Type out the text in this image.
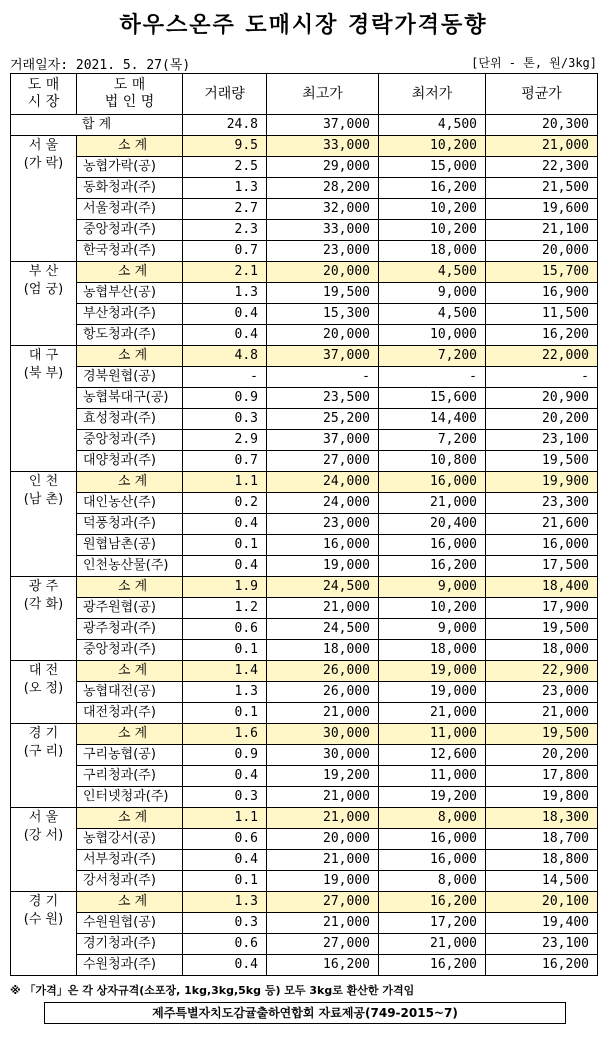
하우스온주 도매시장 경락가격동향
거래일자: 2021. 5. 27(목)	[단위 - 톤, 원/3kg]
도 매
시 장	도 매
법 인 명	거래량	최고가	최저가	평균가
합 계		24.8	37,000	4,500	20,300

서 울
(가 락)	소 계	9.5	33,000	10,200	21,000
	농협가락(공)	2.5	29,000	15,000	22,300
	동화청과(주)	1.3	28,200	16,200	21,500
	서울청과(주)	2.7	32,000	10,200	19,600
	중앙청과(주)	2.3	33,000	10,200	21,100
	한국청과(주)	0.7	23,000	18,000	20,000

부 산
(엄 궁)	소 계	2.1	20,000	4,500	15,700
	농협부산(공)	1.3	19,500	9,000	16,900
	부산청과(주)	0.4	15,300	4,500	11,500
	항도청과(주)	0.4	20,000	10,000	16,200

대 구
(북 부)	소 계	4.8	37,000	7,200	22,000
	경북원협(공)	-	-	-	-
	농협북대구(공)	0.9	23,500	15,600	20,900
	효성청과(주)	0.3	25,200	14,400	20,200
	중앙청과(주)	2.9	37,000	7,200	23,100
	대양청과(주)	0.7	27,000	10,800	19,500

인 천
(남 촌)	소 계	1.1	24,000	16,000	19,900
	대인농산(주)	0.2	24,000	21,000	23,300
	덕풍청과(주)	0.4	23,000	20,400	21,600
	원협남촌(공)	0.1	16,000	16,000	16,000
	인천농산물(주)	0.4	19,000	16,200	17,500

광 주
(각 화)	소 계	1.9	24,500	9,000	18,400
	광주원협(공)	1.2	21,000	10,200	17,900
	광주청과(주)	0.6	24,500	9,000	19,500
	중앙청과(주)	0.1	18,000	18,000	18,000

대 전
(오 정)	소 계	1.4	26,000	19,000	22,900
	농협대전(공)	1.3	26,000	19,000	23,000
	대전청과(주)	0.1	21,000	21,000	21,000

경 기
(구 리)	소 계	1.6	30,000	11,000	19,500
	구리농협(공)	0.9	30,000	12,600	20,200
	구리청과(주)	0.4	19,200	11,000	17,800
	인터넷청과(주)	0.3	21,000	19,200	19,800

서 울
(강 서)	소 계	1.1	21,000	8,000	18,300
	농협강서(공)	0.6	20,000	16,000	18,700
	서부청과(주)	0.4	21,000	16,000	18,800
	강서청과(주)	0.1	19,000	8,000	14,500

경 기
(수 원)	소 계	1.3	27,000	16,200	20,100
	수원원협(공)	0.3	21,000	17,200	19,400
	경기청과(주)	0.6	27,000	21,000	23,100
	수원청과(주)	0.4	16,200	16,200	16,200
※ 「가격」은 각 상자규격(소포장, 1kg,3kg,5kg 등) 모두 3kg로 환산한 가격임
제주특별자치도감귤출하연합회 자료제공(749-2015~7)
